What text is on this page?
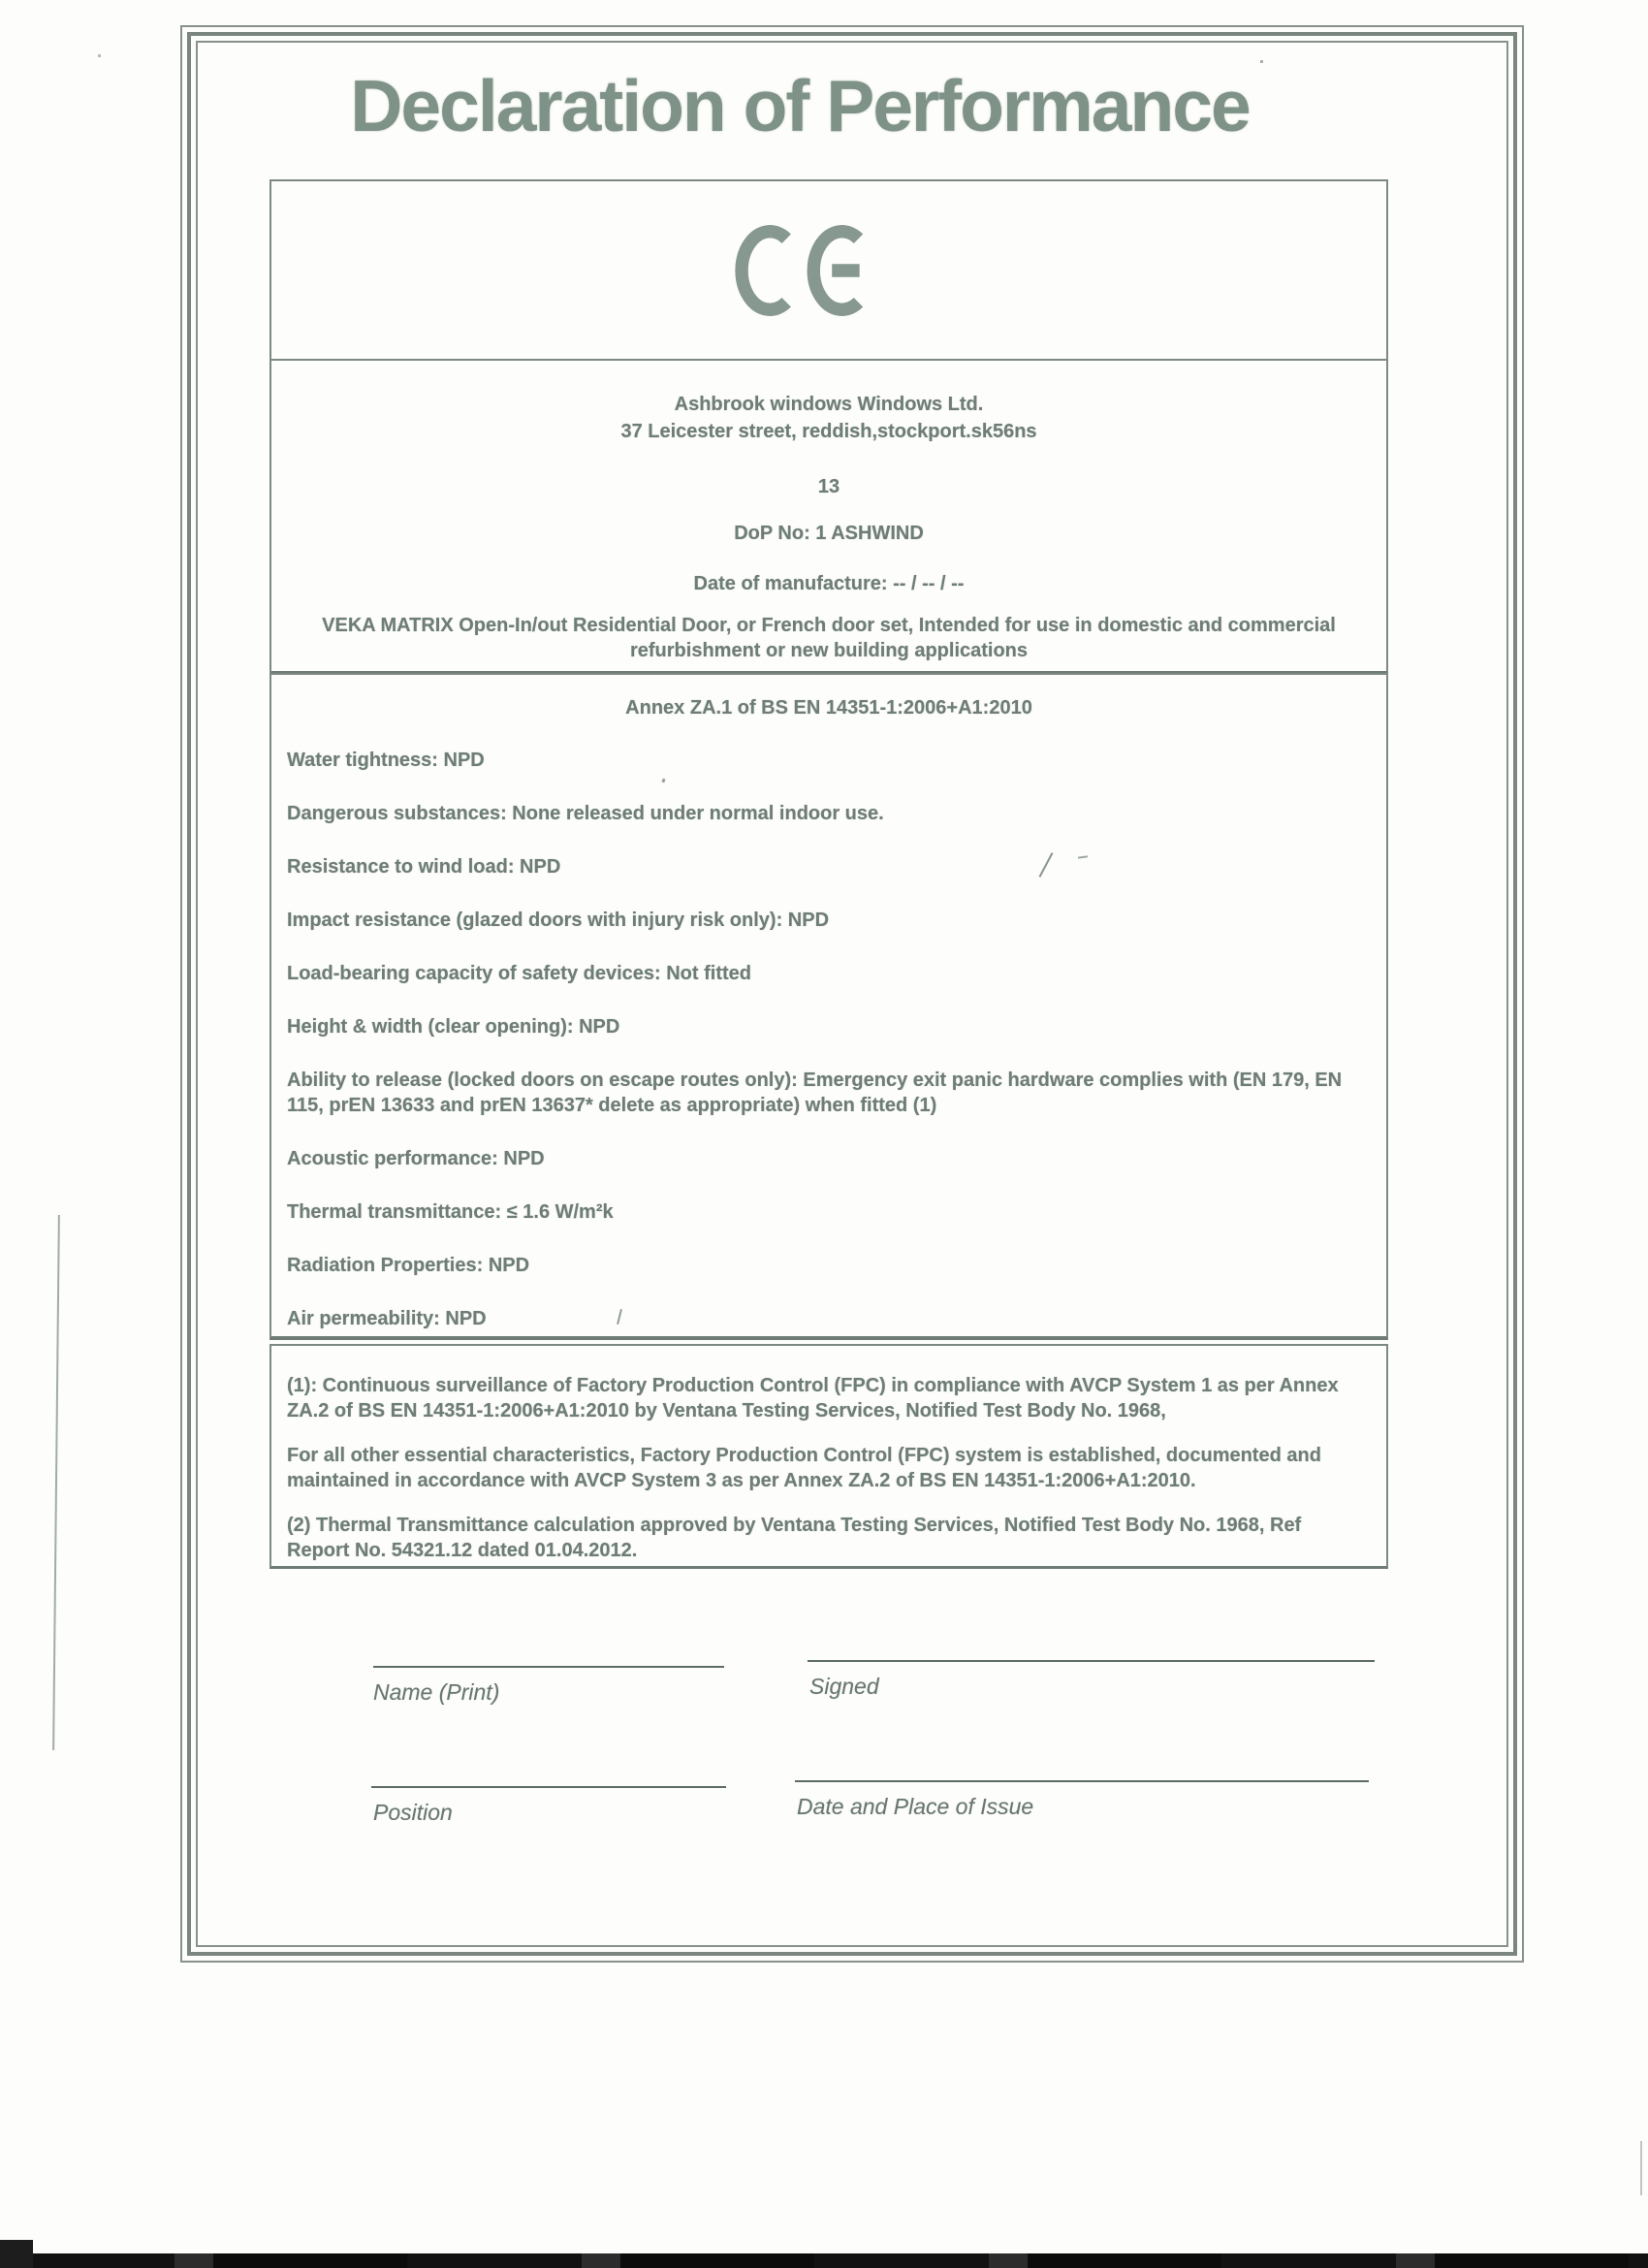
Declaration of Performance
Ashbrook windows Windows Ltd.
37 Leicester street, reddish,stockport.sk56ns
13
DoP No: 1 ASHWIND
Date of manufacture: -- / -- / --
VEKA MATRIX Open-In/out Residential Door, or French door set, Intended for use in domestic and commercial
refurbishment or new building applications
Annex ZA.1 of BS EN 14351-1:2006+A1:2010
Water tightness: NPD
Dangerous substances: None released under normal indoor use.
Resistance to wind load: NPD
Impact resistance (glazed doors with injury risk only): NPD
Load-bearing capacity of safety devices: Not fitted
Height & width (clear opening): NPD
Ability to release (locked doors on escape routes only): Emergency exit panic hardware complies with (EN 179, EN 115, prEN 13633 and prEN 13637* delete as appropriate) when fitted (1)
Acoustic performance: NPD
Thermal transmittance: ≤ 1.6 W/m²k
Radiation Properties: NPD
Air permeability: NPD
(1): Continuous surveillance of Factory Production Control (FPC) in compliance with AVCP System 1 as per Annex ZA.2 of BS EN 14351-1:2006+A1:2010 by Ventana Testing Services, Notified Test Body No. 1968,
For all other essential characteristics, Factory Production Control (FPC) system is established, documented and maintained in accordance with AVCP System 3 as per Annex ZA.2 of BS EN 14351-1:2006+A1:2010.
(2) Thermal Transmittance calculation approved by Ventana Testing Services, Notified Test Body No. 1968, Ref Report No. 54321.12 dated 01.04.2012.
Name (Print)	Signed
Position	Date and Place of Issue
